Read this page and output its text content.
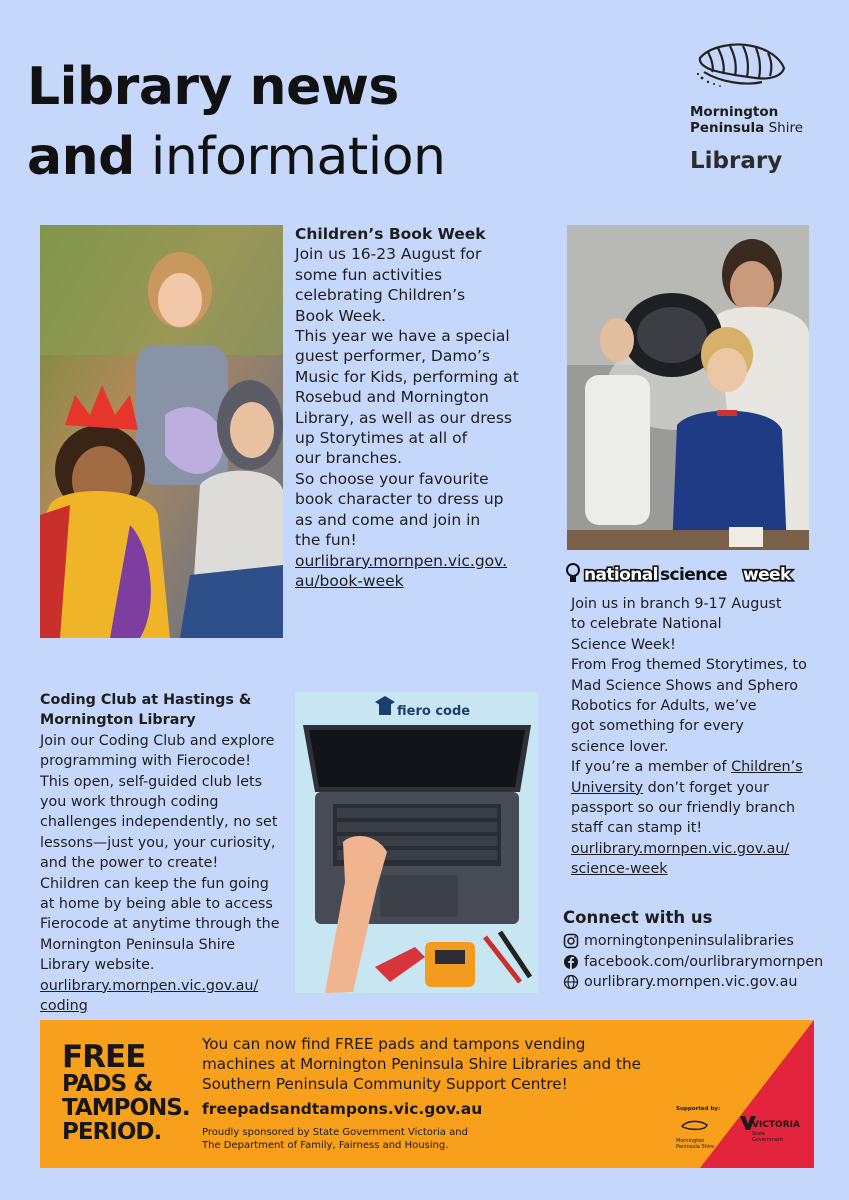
Library news
and information
Mornington
Peninsula Shire
Library
Children’s Book Week
Join us 16-23 August for
some fun activities
celebrating Children’s
Book Week.
This year we have a special
guest performer, Damo’s
Music for Kids, performing at
Rosebud and Mornington
Library, as well as our dress
up Storytimes at all of
our branches.
So choose your favourite
book character to dress up
as and come and join in
the fun!
ourlibrary.mornpen.vic.gov.
au/book-week	national science week
Join us in branch 9-17 August
to celebrate National
Science Week!
From Frog themed Storytimes, to
Mad Science Shows and Sphero
Robotics for Adults, we’ve
got something for every
science lover.
If you’re a member of Children’s
University don’t forget your
passport so our friendly branch
staff can stamp it!
ourlibrary.mornpen.vic.gov.au/
science-week
Coding Club at Hastings &
Mornington Library
Join our Coding Club and explore
programming with Fierocode!
This open, self-guided club lets
you work through coding
challenges independently, no set
lessons—just you, your curiosity,
and the power to create!
Children can keep the fun going
at home by being able to access
Fierocode at anytime through the
Mornington Peninsula Shire
Library website.
ourlibrary.mornpen.vic.gov.au/
coding
fiero code
Connect with us
morningtonpeninsulalibraries
facebook.com/ourlibrarymornpen
ourlibrary.mornpen.vic.gov.au
FREE
PADS &
TAMPONS.
PERIOD.
You can now find FREE pads and tampons vending machines at Mornington Peninsula Shire Libraries and the Southern Peninsula Community Support Centre!
freepadsandtampons.vic.gov.au
Proudly sponsored by State Government Victoria and
The Department of Family, Fairness and Housing.
Supported by:
Mornington
Peninsula Shire
VICTORIA
State
Government
